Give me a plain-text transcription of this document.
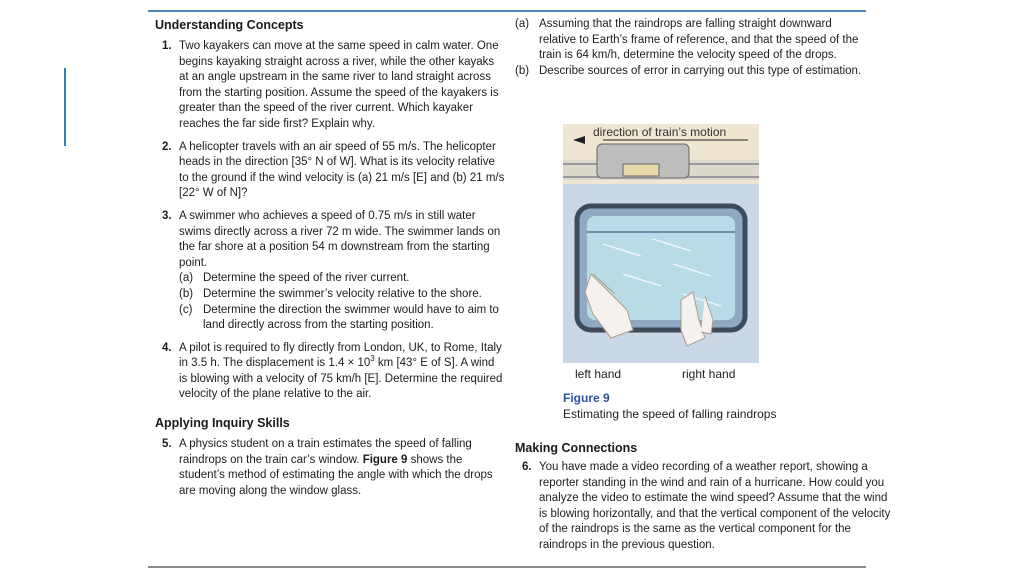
Understanding Concepts
1. Two kayakers can move at the same speed in calm water. One begins kayaking straight across a river, while the other kayaks at an angle upstream in the same river to land straight across from the starting position. Assume the speed of the kayakers is greater than the speed of the river current. Which kayaker reaches the far side first? Explain why.
2. A helicopter travels with an air speed of 55 m/s. The helicopter heads in the direction [35° N of W]. What is its velocity relative to the ground if the wind velocity is (a) 21 m/s [E] and (b) 21 m/s [22° W of N]?
3. A swimmer who achieves a speed of 0.75 m/s in still water swims directly across a river 72 m wide. The swimmer lands on the far shore at a position 54 m downstream from the starting point.
(a) Determine the speed of the river current.
(b) Determine the swimmer’s velocity relative to the shore.
(c) Determine the direction the swimmer would have to aim to land directly across from the starting position.
4. A pilot is required to fly directly from London, UK, to Rome, Italy in 3.5 h. The displacement is $1.4 \times 10^3$ km [43° E of S]. A wind is blowing with a velocity of 75 km/h [E]. Determine the required velocity of the plane relative to the air.
Applying Inquiry Skills
5. A physics student on a train estimates the speed of falling raindrops on the train car’s window. Figure 9 shows the student’s method of estimating the angle with which the drops are moving along the window glass.
(a) Assuming that the raindrops are falling straight downward relative to Earth’s frame of reference, and that the speed of the train is 64 km/h, determine the velocity speed of the drops.
(b) Describe sources of error in carrying out this type of estimation.
direction of train’s motion
left hand	right hand
Figure 9
Estimating the speed of falling raindrops
Making Connections
6. You have made a video recording of a weather report, showing a reporter standing in the wind and rain of a hurricane. How could you analyze the video to estimate the wind speed? Assume that the wind is blowing horizontally, and that the vertical component of the velocity of the raindrops is the same as the vertical component for the raindrops in the previous question.
